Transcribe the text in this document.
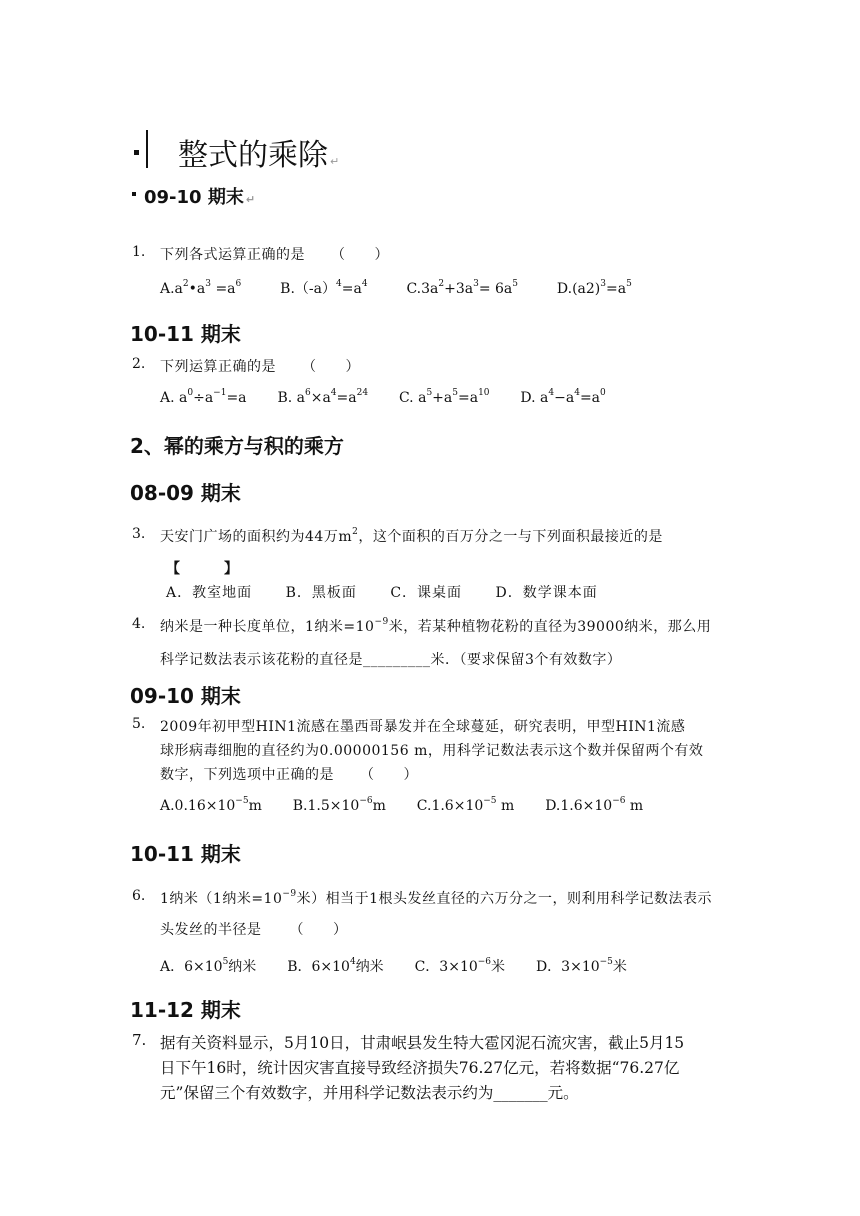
整式的乘除 ↵
09-10 期末 ↵
1. 下列各式运算正确的是 （　　）
$A.a^2•a^3 =a^6$	$B.(-a)^4=a^4$	$C.3a^2+3a^3= 6a^5$	$D.(a2)^3=a^5$
10-11 期末
2. 下列运算正确的是 （　　）
A. $a^0\div a^{-1}=a$ B. $a^6\times a^4=a^{24}$ C. $a^5+a^5=a^{10}$ D. $a^4-a^4=a^0$
2、幂的乘方与积的乘方
08-09 期末
3. 天安门广场的面积约为44万$m^2$，这个面积的百万分之一与下列面积最接近的是
【　　　】
A．教室地面 B．黑板面 C．课桌面 D．数学课本面
4. 纳米是一种长度单位，1纳米$=10^{-9}$米，若某种植物花粉的直径为39000纳米，那么用
科学记数法表示该花粉的直径是_________米．（要求保留3个有效数字）
09-10 期末
5. 2009年初甲型HIN1流感在墨西哥暴发并在全球蔓延，研究表明，甲型HIN1流感
球形病毒细胞的直径约为0.00000156 m，用科学记数法表示这个数并保留两个有效
数字，下列选项中正确的是 （　　）
$A.0.16\times 10^{-5}m$ $B.1.5\times 10^{-6}m$ $C.1.6\times 10^{-5}$ m $D.1.6\times 10^{-6}$ m
10-11 期末
6. 1纳米（1纳米$=10^{-9}$米）相当于1根头发丝直径的六万分之一，则利用科学记数法表示
头发丝的半径是 （　　）
A．$6\times 10^5$纳米 B．$6\times 10^4$纳米 C．$3\times 10^{-6}$米 D．$3\times 10^{-5}$米
11-12 期末
7. 据有关资料显示，5月10日，甘肃岷县发生特大雹冈泥石流灾害，截止5月15
日下午16时，统计因灾害直接导致经济损失76.27亿元，若将数据“76.27亿
元”保留三个有效数字，并用科学记数法表示约为_______元。
